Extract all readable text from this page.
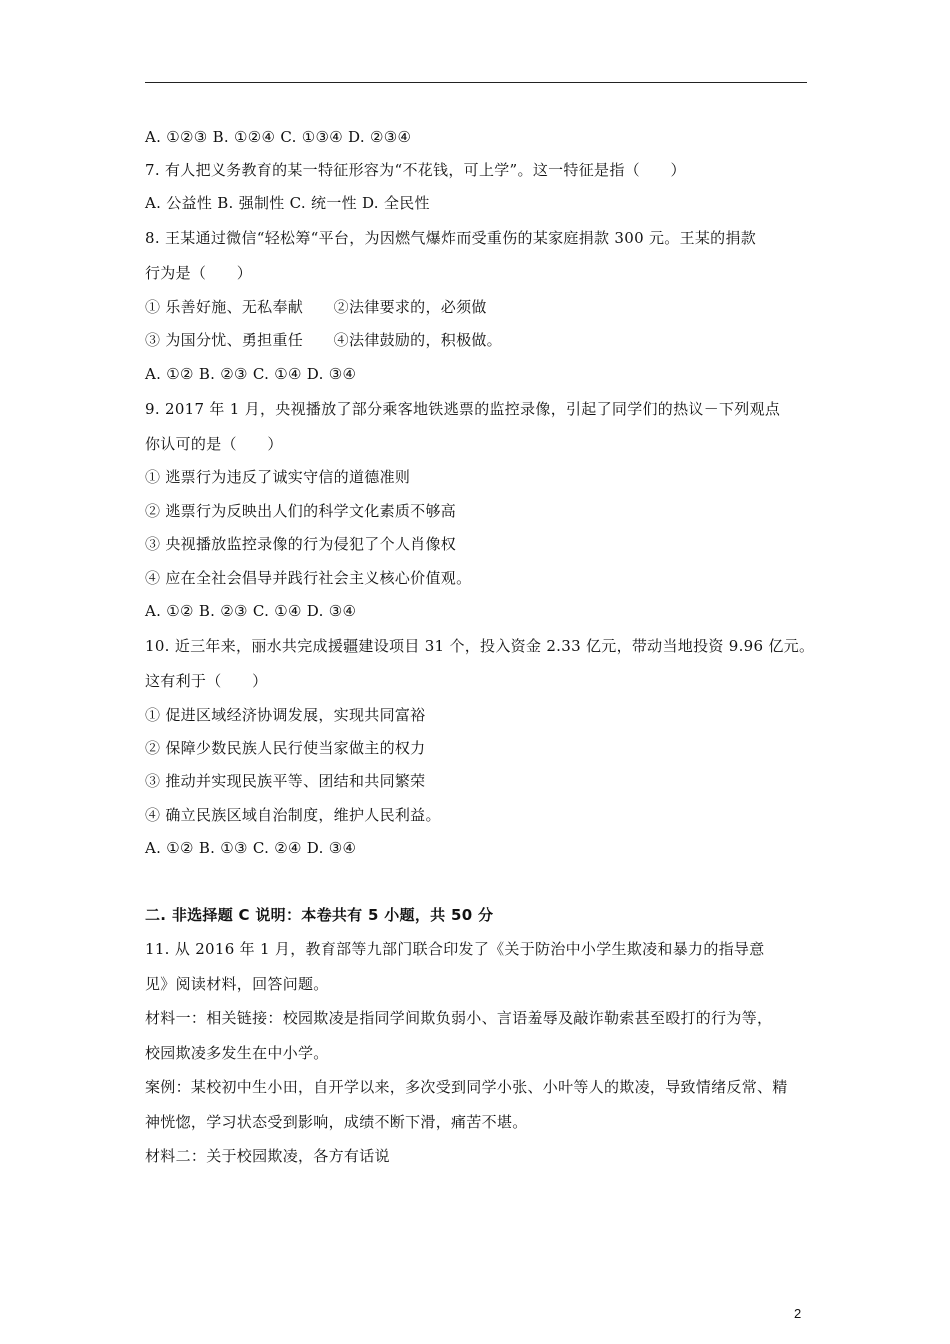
A. ①②③ B. ①②④ C. ①③④ D. ②③④
7. 有人把义务教育的某一特征形容为“不花钱，可上学”。这一特征是指（　　）
A. 公益性 B. 强制性 C. 统一性 D. 全民性
8. 王某通过微信“轻松筹“平台，为因燃气爆炸而受重伤的某家庭捐款 300 元。王某的捐款
行为是（　　）
① 乐善好施、无私奉献　　②法律要求的，必须做
③ 为国分忧、勇担重任　　④法律鼓励的，积极做。
A. ①② B. ②③ C. ①④ D. ③④
9. 2017 年 1 月，央视播放了部分乘客地铁逃票的监控录像，引起了同学们的热议－下列观点
你认可的是（　　）
① 逃票行为违反了诚实守信的道德准则
② 逃票行为反映出人们的科学文化素质不够高
③ 央视播放监控录像的行为侵犯了个人肖像权
④ 应在全社会倡导并践行社会主义核心价值观。
A. ①② B. ②③ C. ①④ D. ③④
10. 近三年来，丽水共完成援疆建设项目 31 个，投入资金 2.33 亿元，带动当地投资 9.96 亿元。
这有利于（　　）
① 促进区域经济协调发展，实现共同富裕
② 保障少数民族人民行使当家做主的权力
③ 推动并实现民族平等、团结和共同繁荣
④ 确立民族区域自治制度，维护人民利益。
A. ①② B. ①③ C. ②④ D. ③④
二. 非选择题 C 说明：本卷共有 5 小题，共 50 分
11. 从 2016 年 1 月，教育部等九部门联合印发了《关于防治中小学生欺凌和暴力的指导意
见》阅读材料，回答问题。
材料一：相关链接：校园欺凌是指同学间欺负弱小、言语羞辱及敲诈勒索甚至殴打的行为等，
校园欺凌多发生在中小学。
案例：某校初中生小田，自开学以来，多次受到同学小张、小叶等人的欺凌，导致情绪反常、精
神恍惚，学习状态受到影响，成绩不断下滑，痛苦不堪。
材料二：关于校园欺凌，各方有话说
2
